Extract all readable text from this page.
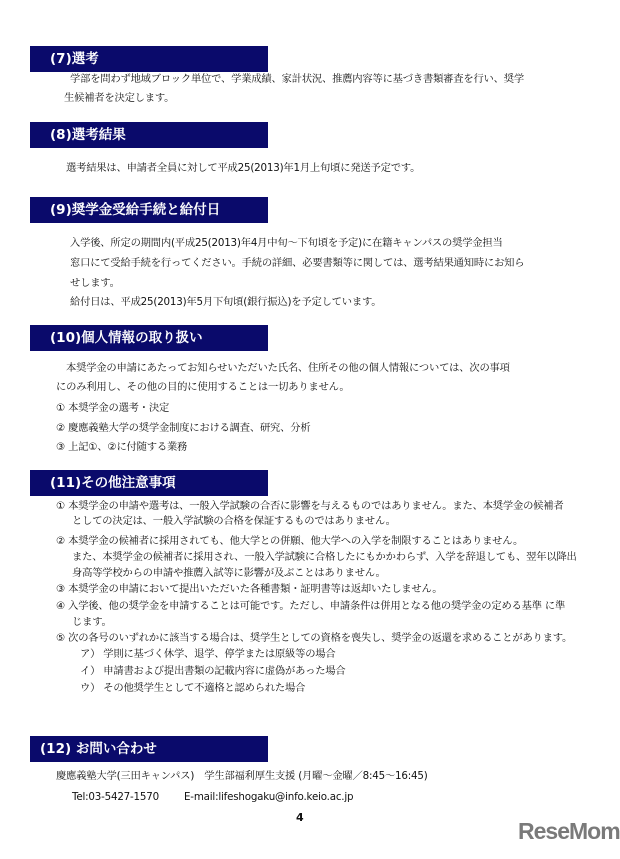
(7)選考
学部を問わず地域ブロック単位で、学業成績、家計状況、推薦内容等に基づき書類審査を行い、奨学
生候補者を決定します。
(8)選考結果
選考結果は、申請者全員に対して平成25(2013)年1月上旬頃に発送予定です。
(9)奨学金受給手続と給付日
入学後、所定の期間内(平成25(2013)年4月中旬～下旬頃を予定)に在籍キャンパスの奨学金担当
窓口にて受給手続を行ってください。手続の詳細、必要書類等に関しては、選考結果通知時にお知ら
せします。
給付日は、平成25(2013)年5月下旬頃(銀行振込)を予定しています。
(10)個人情報の取り扱い
本奨学金の申請にあたってお知らせいただいた氏名、住所その他の個人情報については、次の事項
にのみ利用し、その他の目的に使用することは一切ありません。
① 本奨学金の選考・決定
② 慶應義塾大学の奨学金制度における調査、研究、分析
③ 上記①、②に付随する業務
(11)その他注意事項
① 本奨学金の申請や選考は、一般入学試験の合否に影響を与えるものではありません。また、本奨学金の候補者
としての決定は、一般入学試験の合格を保証するものではありません。
② 本奨学金の候補者に採用されても、他大学との併願、他大学への入学を制限することはありません。
また、本奨学金の候補者に採用され、一般入学試験に合格したにもかかわらず、入学を辞退しても、翌年以降出
身高等学校からの申請や推薦入試等に影響が及ぶことはありません。
③ 本奨学金の申請において提出いただいた各種書類・証明書等は返却いたしません。
④ 入学後、他の奨学金を申請することは可能です。ただし、申請条件は併用となる他の奨学金の定める基準 に準
じます。
⑤ 次の各号のいずれかに該当する場合は、奨学生としての資格を喪失し、奨学金の返還を求めることがあります。
ア） 学則に基づく休学、退学、停学または原級等の場合
イ） 申請書および提出書類の記載内容に虚偽があった場合
ウ） その他奨学生として不適格と認められた場合
(12) お問い合わせ
慶應義塾大学(三田キャンパス)　学生部福利厚生支援 (月曜～金曜／8:45～16:45)
Tel:03-5427-1570 E-mail:lifeshogaku@info.keio.ac.jp
4
ReseMom
